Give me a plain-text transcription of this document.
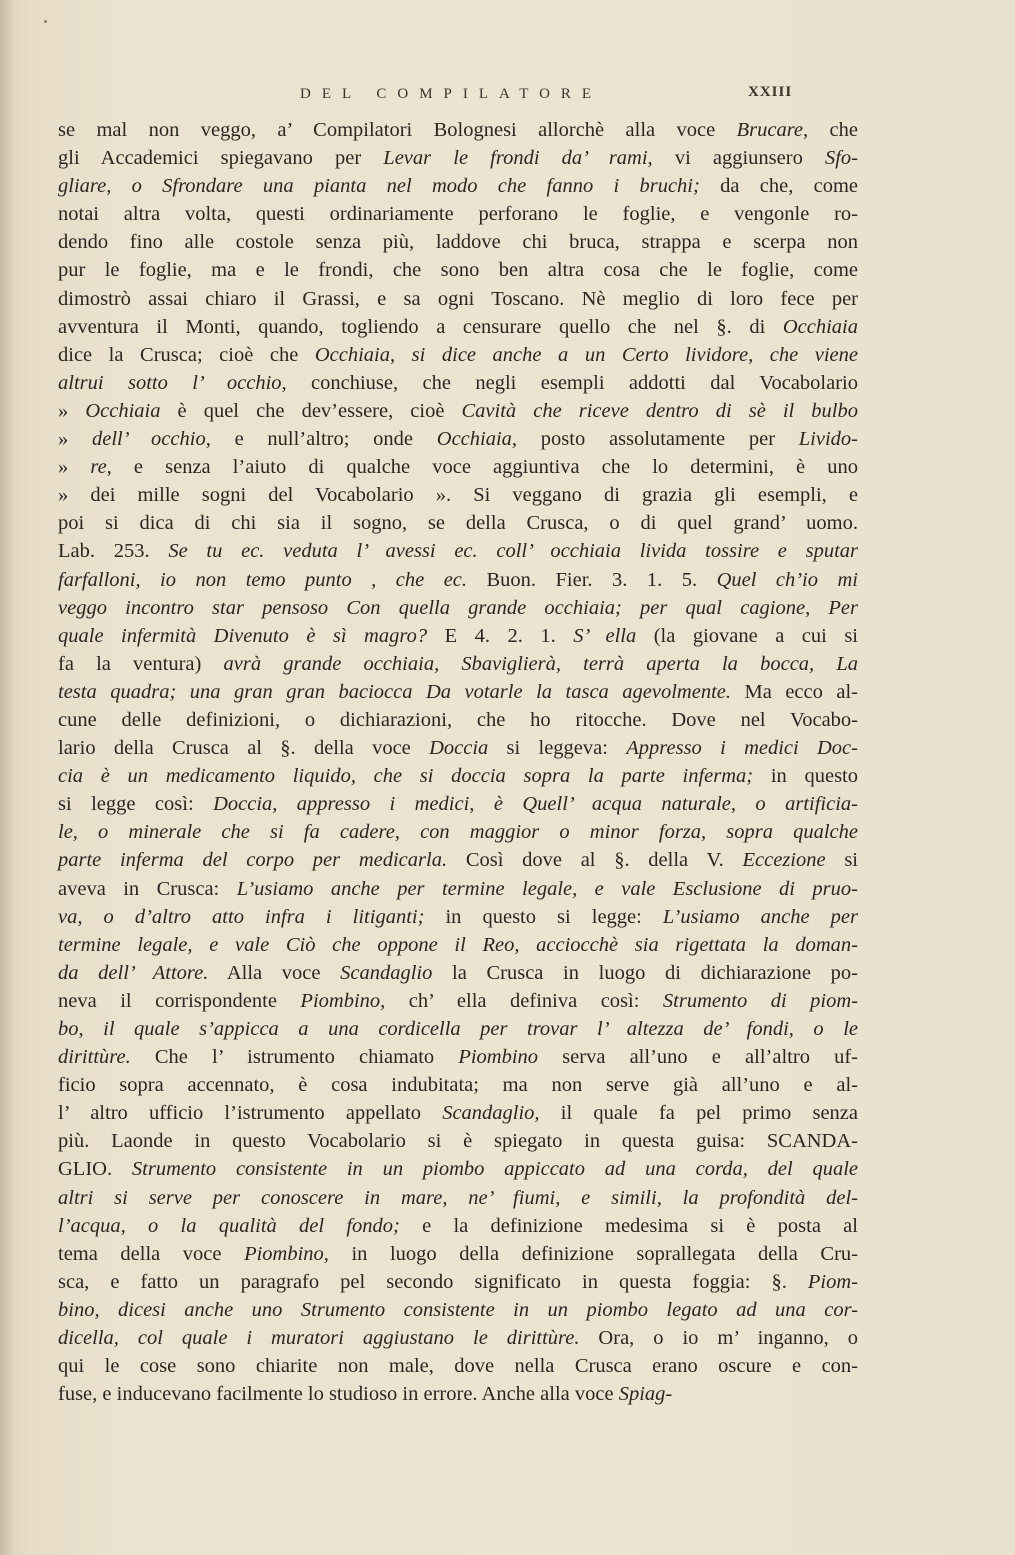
DEL COMPILATORE	XXIII
se mal non veggo, a’ Compilatori Bolognesi allorchè alla voce Brucare, che
gli Accademici spiegavano per Levar le frondi da’ rami, vi aggiunsero Sfo-
gliare, o Sfrondare una pianta nel modo che fanno i bruchi; da che, come
notai altra volta, questi ordinariamente perforano le foglie, e vengonle ro-
dendo fino alle costole senza più, laddove chi bruca, strappa e scerpa non
pur le foglie, ma e le frondi, che sono ben altra cosa che le foglie, come
dimostrò assai chiaro il Grassi, e sa ogni Toscano. Nè meglio di loro fece per
avventura il Monti, quando, togliendo a censurare quello che nel §. di Occhiaia
dice la Crusca; cioè che Occhiaia, si dice anche a un Certo lividore, che viene
altrui sotto l’ occhio, conchiuse, che negli esempli addotti dal Vocabolario
» Occhiaia è quel che dev’essere, cioè Cavità che riceve dentro di sè il bulbo
» dell’ occhio, e null’altro; onde Occhiaia, posto assolutamente per Livido-
» re, e senza l’aiuto di qualche voce aggiuntiva che lo determini, è uno
» dei mille sogni del Vocabolario ». Si veggano di grazia gli esempli, e
poi si dica di chi sia il sogno, se della Crusca, o di quel grand’ uomo.
Lab. 253. Se tu ec. veduta l’ avessi ec. coll’ occhiaia livida tossire e sputar
farfalloni, io non temo punto , che ec. Buon. Fier. 3. 1. 5. Quel ch’io mi
veggo incontro star pensoso Con quella grande occhiaia; per qual cagione, Per
quale infermità Divenuto è sì magro? E 4. 2. 1. S’ ella (la giovane a cui si
fa la ventura) avrà grande occhiaia, Sbaviglierà, terrà aperta la bocca, La
testa quadra; una gran gran baciocca Da votarle la tasca agevolmente. Ma ecco al-
cune delle definizioni, o dichiarazioni, che ho ritocche. Dove nel Vocabo-
lario della Crusca al §. della voce Doccia si leggeva: Appresso i medici Doc-
cia è un medicamento liquido, che si doccia sopra la parte inferma; in questo
si legge così: Doccia, appresso i medici, è Quell’ acqua naturale, o artificia-
le, o minerale che si fa cadere, con maggior o minor forza, sopra qualche
parte inferma del corpo per medicarla. Così dove al §. della V. Eccezione si
aveva in Crusca: L’usiamo anche per termine legale, e vale Esclusione di pruo-
va, o d’altro atto infra i litiganti; in questo si legge: L’usiamo anche per
termine legale, e vale Ciò che oppone il Reo, acciocchè sia rigettata la doman-
da dell’ Attore. Alla voce Scandaglio la Crusca in luogo di dichiarazione po-
neva il corrispondente Piombino, ch’ ella definiva così: Strumento di piom-
bo, il quale s’appicca a una cordicella per trovar l’ altezza de’ fondi, o le
dirittùre. Che l’ istrumento chiamato Piombino serva all’uno e all’altro uf-
ficio sopra accennato, è cosa indubitata; ma non serve già all’uno e al-
l’ altro ufficio l’istrumento appellato Scandaglio, il quale fa pel primo senza
più. Laonde in questo Vocabolario si è spiegato in questa guisa: SCANDA-
GLIO. Strumento consistente in un piombo appiccato ad una corda, del quale
altri si serve per conoscere in mare, ne’ fiumi, e simili, la profondità del-
l’acqua, o la qualità del fondo; e la definizione medesima si è posta al
tema della voce Piombino, in luogo della definizione soprallegata della Cru-
sca, e fatto un paragrafo pel secondo significato in questa foggia: §. Piom-
bino, dicesi anche uno Strumento consistente in un piombo legato ad una cor-
dicella, col quale i muratori aggiustano le dirittùre. Ora, o io m’ inganno, o
qui le cose sono chiarite non male, dove nella Crusca erano oscure e con-
fuse, e inducevano facilmente lo studioso in errore. Anche alla voce Spiag-
